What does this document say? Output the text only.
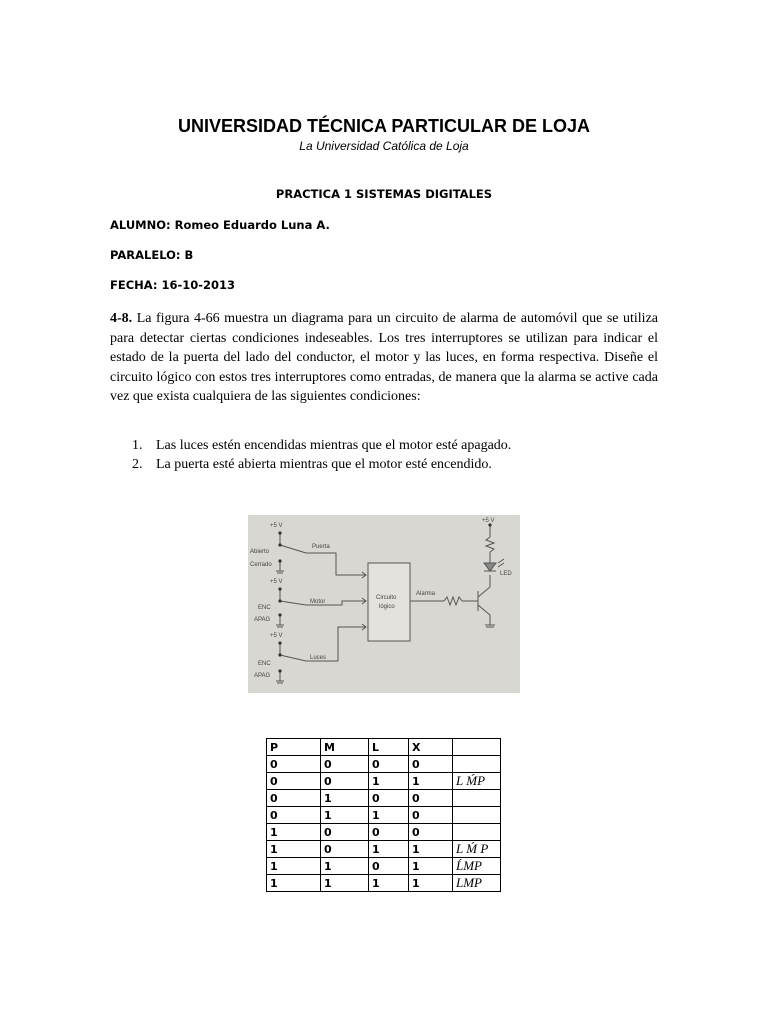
UNIVERSIDAD TÉCNICA PARTICULAR DE LOJA
La Universidad Católica de Loja
PRACTICA 1 SISTEMAS DIGITALES
ALUMNO: Romeo Eduardo Luna A.
PARALELO: B
FECHA: 16-10-2013
4-8. La figura 4-66 muestra un diagrama para un circuito de alarma de automóvil que se utiliza para detectar ciertas condiciones indeseables. Los tres interruptores se utilizan para indicar el estado de la puerta del lado del conductor, el motor y las luces, en forma respectiva. Diseñe el circuito lógico con estos tres interruptores como entradas, de manera que la alarma se active cada vez que exista cualquiera de las siguientes condiciones:
1. Las luces estén encendidas mientras que el motor esté apagado.
2. La puerta esté abierta mientras que el motor esté encendido.
+5 V
Abierto
Cerrado
Puerta
+5 V
ENC
APAG
Motor
+5 V
ENC
APAG
Luces
Circuito
lógico
Alarma
+5 V
LED
P	M	L	X	
0	0	0	0	
0	0	1	1	L ḾP
0	1	0	0	
0	1	1	0	
1	0	0	0	
1	0	1	1	L Ḿ P
1	1	0	1	ĹMP
1	1	1	1	LMP
